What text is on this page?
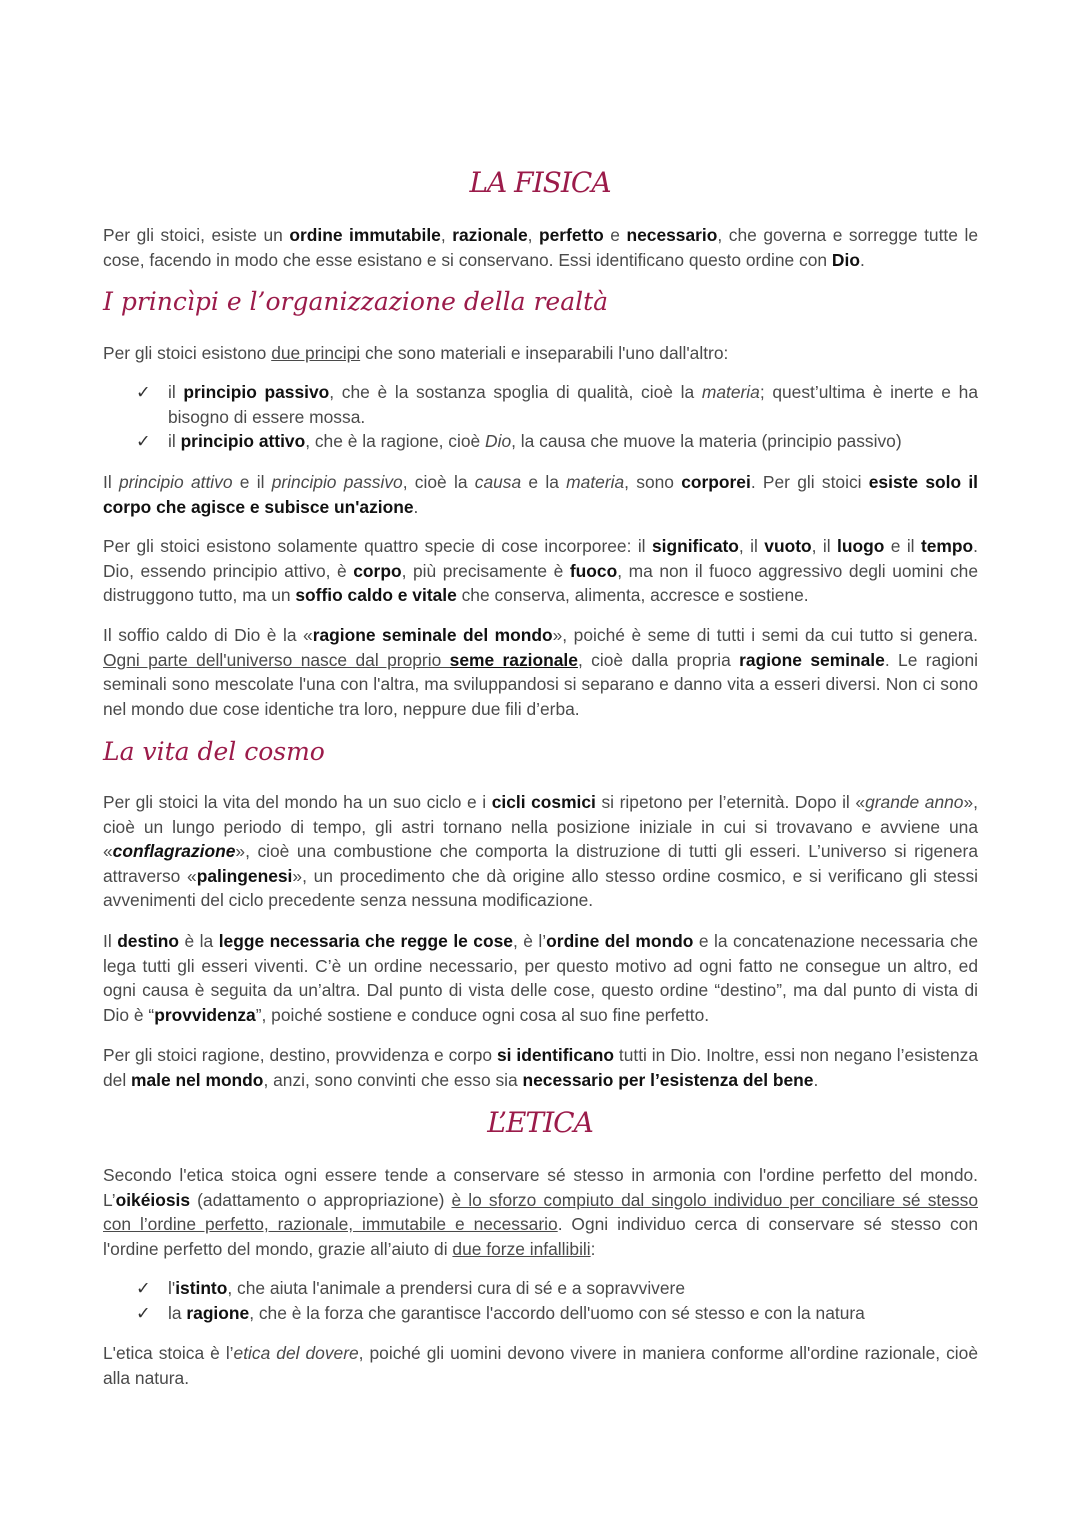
LA FISICA
Per gli stoici, esiste un ordine immutabile, razionale, perfetto e necessario, che governa e sorregge tutte le cose, facendo in modo che esse esistano e si conservano. Essi identificano questo ordine con Dio.
I princìpi e l’organizzazione della realtà
Per gli stoici esistono due principi che sono materiali e inseparabili l'uno dall'altro:
✓ il principio passivo, che è la sostanza spoglia di qualità, cioè la materia; quest’ultima è inerte e ha bisogno di essere mossa.
✓ il principio attivo, che è la ragione, cioè Dio, la causa che muove la materia (principio passivo)
Il principio attivo e il principio passivo, cioè la causa e la materia, sono corporei. Per gli stoici esiste solo il corpo che agisce e subisce un'azione.
Per gli stoici esistono solamente quattro specie di cose incorporee: il significato, il vuoto, il luogo e il tempo. Dio, essendo principio attivo, è corpo, più precisamente è fuoco, ma non il fuoco aggressivo degli uomini che distruggono tutto, ma un soffio caldo e vitale che conserva, alimenta, accresce e sostiene.
Il soffio caldo di Dio è la «ragione seminale del mondo», poiché è seme di tutti i semi da cui tutto si genera. Ogni parte dell'universo nasce dal proprio seme razionale, cioè dalla propria ragione seminale. Le ragioni seminali sono mescolate l'una con l'altra, ma sviluppandosi si separano e danno vita a esseri diversi. Non ci sono nel mondo due cose identiche tra loro, neppure due fili d’erba.
La vita del cosmo
Per gli stoici la vita del mondo ha un suo ciclo e i cicli cosmici si ripetono per l’eternità. Dopo il «grande anno», cioè un lungo periodo di tempo, gli astri tornano nella posizione iniziale in cui si trovavano e avviene una «conflagrazione», cioè una combustione che comporta la distruzione di tutti gli esseri. L’universo si rigenera attraverso «palingenesi», un procedimento che dà origine allo stesso ordine cosmico, e si verificano gli stessi avvenimenti del ciclo precedente senza nessuna modificazione.
Il destino è la legge necessaria che regge le cose, è l’ordine del mondo e la concatenazione necessaria che lega tutti gli esseri viventi. C’è un ordine necessario, per questo motivo ad ogni fatto ne consegue un altro, ed ogni causa è seguita da un’altra. Dal punto di vista delle cose, questo ordine “destino”, ma dal punto di vista di Dio è “provvidenza”, poiché sostiene e conduce ogni cosa al suo fine perfetto.
Per gli stoici ragione, destino, provvidenza e corpo si identificano tutti in Dio. Inoltre, essi non negano l’esistenza del male nel mondo, anzi, sono convinti che esso sia necessario per l’esistenza del bene.
L’ETICA
Secondo l'etica stoica ogni essere tende a conservare sé stesso in armonia con l'ordine perfetto del mondo. L’oikéiosis (adattamento o appropriazione) è lo sforzo compiuto dal singolo individuo per conciliare sé stesso con l’ordine perfetto, razionale, immutabile e necessario. Ogni individuo cerca di conservare sé stesso con l'ordine perfetto del mondo, grazie all’aiuto di due forze infallibili:
✓ l'istinto, che aiuta l'animale a prendersi cura di sé e a sopravvivere
✓ la ragione, che è la forza che garantisce l'accordo dell'uomo con sé stesso e con la natura
L'etica stoica è l’etica del dovere, poiché gli uomini devono vivere in maniera conforme all'ordine razionale, cioè alla natura.
